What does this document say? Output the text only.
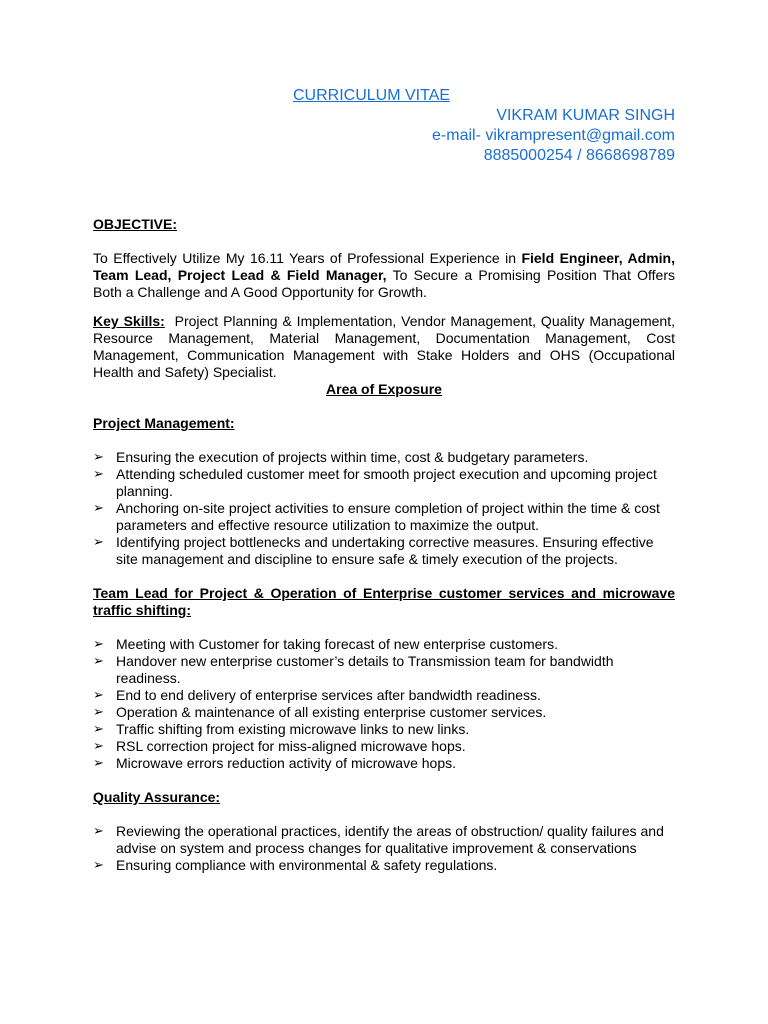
CURRICULUM VITAE
VIKRAM KUMAR SINGH
e-mail- vikrampresent@gmail.com
8885000254 / 8668698789

OBJECTIVE:

To Effectively Utilize My 16.11 Years of Professional Experience in Field Engineer, Admin, Team Lead, Project Lead & Field Manager, To Secure a Promising Position That Offers Both a Challenge and A Good Opportunity for Growth.

Key Skills: Project Planning & Implementation, Vendor Management, Quality Management, Resource Management, Material Management, Documentation Management, Cost Management, Communication Management with Stake Holders and OHS (Occupational Health and Safety) Specialist.

Area of Exposure

Project Management:

➢ Ensuring the execution of projects within time, cost & budgetary parameters.
➢ Attending scheduled customer meet for smooth project execution and upcoming project planning.
➢ Anchoring on-site project activities to ensure completion of project within the time & cost parameters and effective resource utilization to maximize the output.
➢ Identifying project bottlenecks and undertaking corrective measures. Ensuring effective site management and discipline to ensure safe & timely execution of the projects.

Team Lead for Project & Operation of Enterprise customer services and microwave traffic shifting:

➢ Meeting with Customer for taking forecast of new enterprise customers.
➢ Handover new enterprise customer’s details to Transmission team for bandwidth readiness.
➢ End to end delivery of enterprise services after bandwidth readiness.
➢ Operation & maintenance of all existing enterprise customer services.
➢ Traffic shifting from existing microwave links to new links.
➢ RSL correction project for miss-aligned microwave hops.
➢ Microwave errors reduction activity of microwave hops.

Quality Assurance:

➢ Reviewing the operational practices, identify the areas of obstruction/ quality failures and advise on system and process changes for qualitative improvement & conservations
➢ Ensuring compliance with environmental & safety regulations.
